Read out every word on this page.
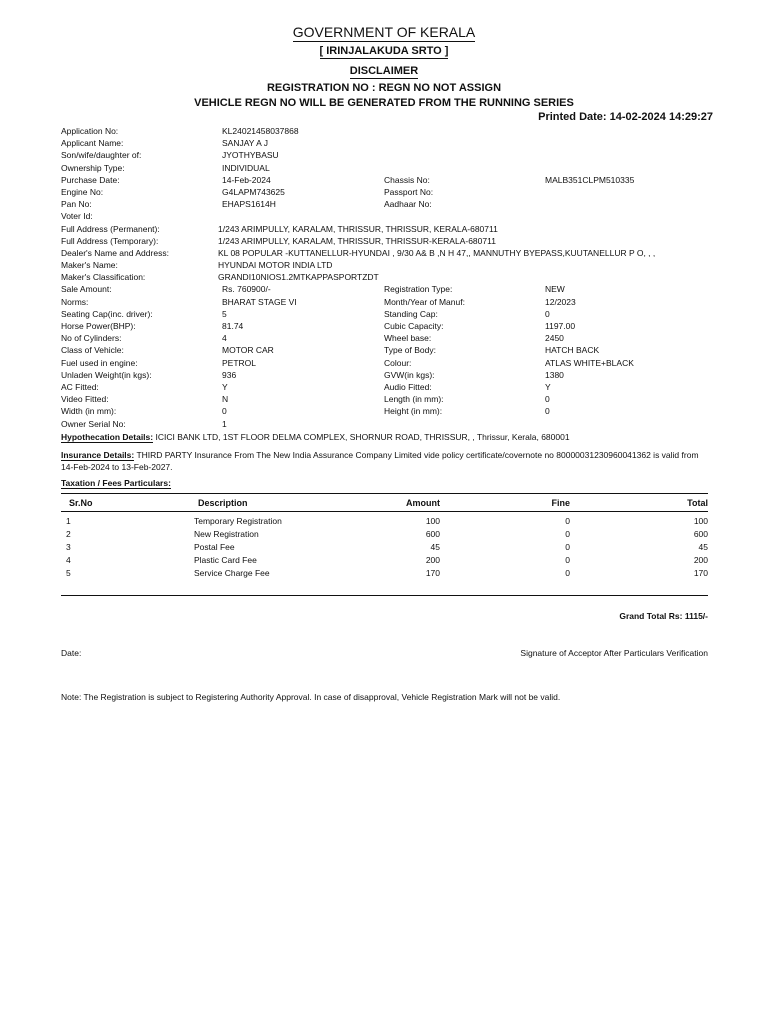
GOVERNMENT OF KERALA
[ IRINJALAKUDA SRTO ]
DISCLAIMER
REGISTRATION NO : REGN NO NOT ASSIGN
VEHICLE REGN NO WILL BE GENERATED FROM THE RUNNING SERIES
Printed Date: 14-02-2024 14:29:27
Application No:	KL24021458037868
Applicant Name:	SANJAY A J
Son/wife/daughter of:	JYOTHYBASU
Ownership Type:	INDIVIDUAL
Purchase Date:	14-Feb-2024	Chassis No:	MALB351CLPM510335
Engine No:	G4LAPM743625	Passport No:
Pan No:	EHAPS1614H	Aadhaar No:
Voter Id:
Full Address (Permanent):	1/243 ARIMPULLY, KARALAM, THRISSUR, THRISSUR, KERALA-680711
Full Address (Temporary):	1/243 ARIMPULLY, KARALAM, THRISSUR, THRISSUR-KERALA-680711
Dealer's Name and Address:	KL 08 POPULAR -KUTTANELLUR-HYUNDAI , 9/30 A& B ,N H 47,, MANNUTHY BYEPASS,KUUTANELLUR P O, , ,
Maker's Name:	HYUNDAI MOTOR INDIA LTD
Maker's Classification:	GRANDI10NIOS1.2MTKAPPASPORTZDT
Sale Amount:	Rs. 760900/-	Registration Type:	NEW
Norms:	BHARAT STAGE VI	Month/Year of Manuf:	12/2023
Seating Cap(inc. driver):	5	Standing Cap:	0
Horse Power(BHP):	81.74	Cubic Capacity:	1197.00
No of Cylinders:	4	Wheel base:	2450
Class of Vehicle:	MOTOR CAR	Type of Body:	HATCH BACK
Fuel used in engine:	PETROL	Colour:	ATLAS WHITE+BLACK
Unladen Weight(in kgs):	936	GVW(in kgs):	1380
AC Fitted:	Y	Audio Fitted:	Y
Video Fitted:	N	Length (in mm):	0
Width (in mm):	0	Height (in mm):	0
Owner Serial No:	1
Hypothecation Details: ICICI BANK LTD, 1ST FLOOR DELMA COMPLEX, SHORNUR ROAD, THRISSUR, , Thrissur, Kerala, 680001
Insurance Details: THIRD PARTY Insurance From The New India Assurance Company Limited vide policy certificate/covernote no 80000031230960041362 is valid from 14-Feb-2024 to 13-Feb-2027.
Taxation / Fees Particulars:
Sr.No	Description	Amount	Fine	Total
1	Temporary Registration	100	0	100
2	New Registration	600	0	600
3	Postal Fee	45	0	45
4	Plastic Card Fee	200	0	200
5	Service Charge Fee	170	0	170
Grand Total Rs: 1115/-
Date:	Signature of Acceptor After Particulars Verification
Note: The Registration is subject to Registering Authority Approval. In case of disapproval, Vehicle Registration Mark will not be valid.
